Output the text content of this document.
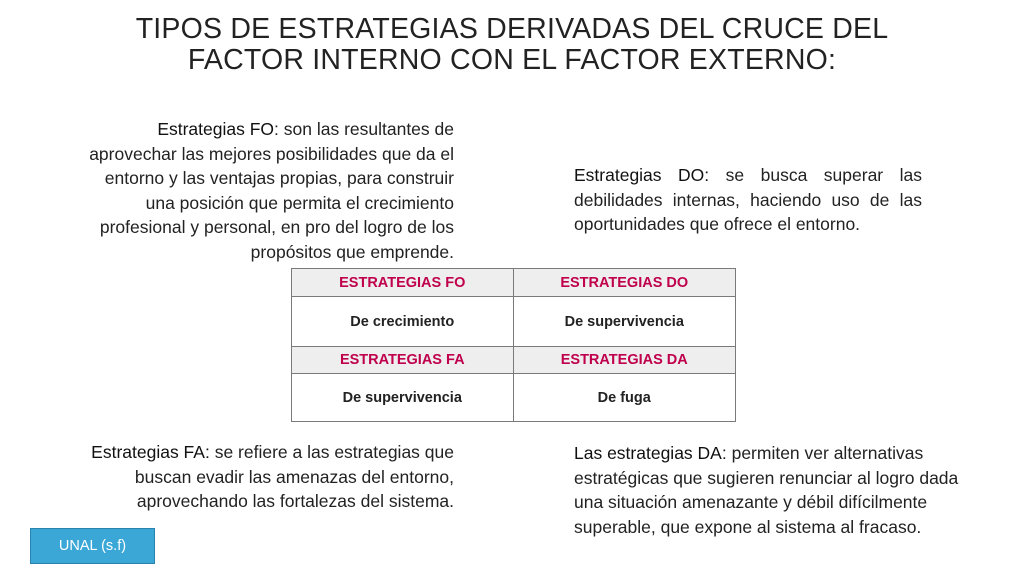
TIPOS DE ESTRATEGIAS DERIVADAS DEL CRUCE DEL FACTOR INTERNO CON EL FACTOR EXTERNO:
Estrategias FO: son las resultantes de aprovechar las mejores posibilidades que da el entorno y las ventajas propias, para construir una posición que permita el crecimiento profesional y personal, en pro del logro de los propósitos que emprende.
Estrategias DO: se busca superar las debilidades internas, haciendo uso de las oportunidades que ofrece el entorno.
ESTRATEGIAS FO	ESTRATEGIAS DO
De crecimiento	De supervivencia
ESTRATEGIAS FA	ESTRATEGIAS DA
De supervivencia	De fuga
Estrategias FA: se refiere a las estrategias que buscan evadir las amenazas del entorno, aprovechando las fortalezas del sistema.
Las estrategias DA: permiten ver alternativas estratégicas que sugieren renunciar al logro dada una situación amenazante y débil difícilmente superable, que expone al sistema al fracaso.
UNAL (s.f)
